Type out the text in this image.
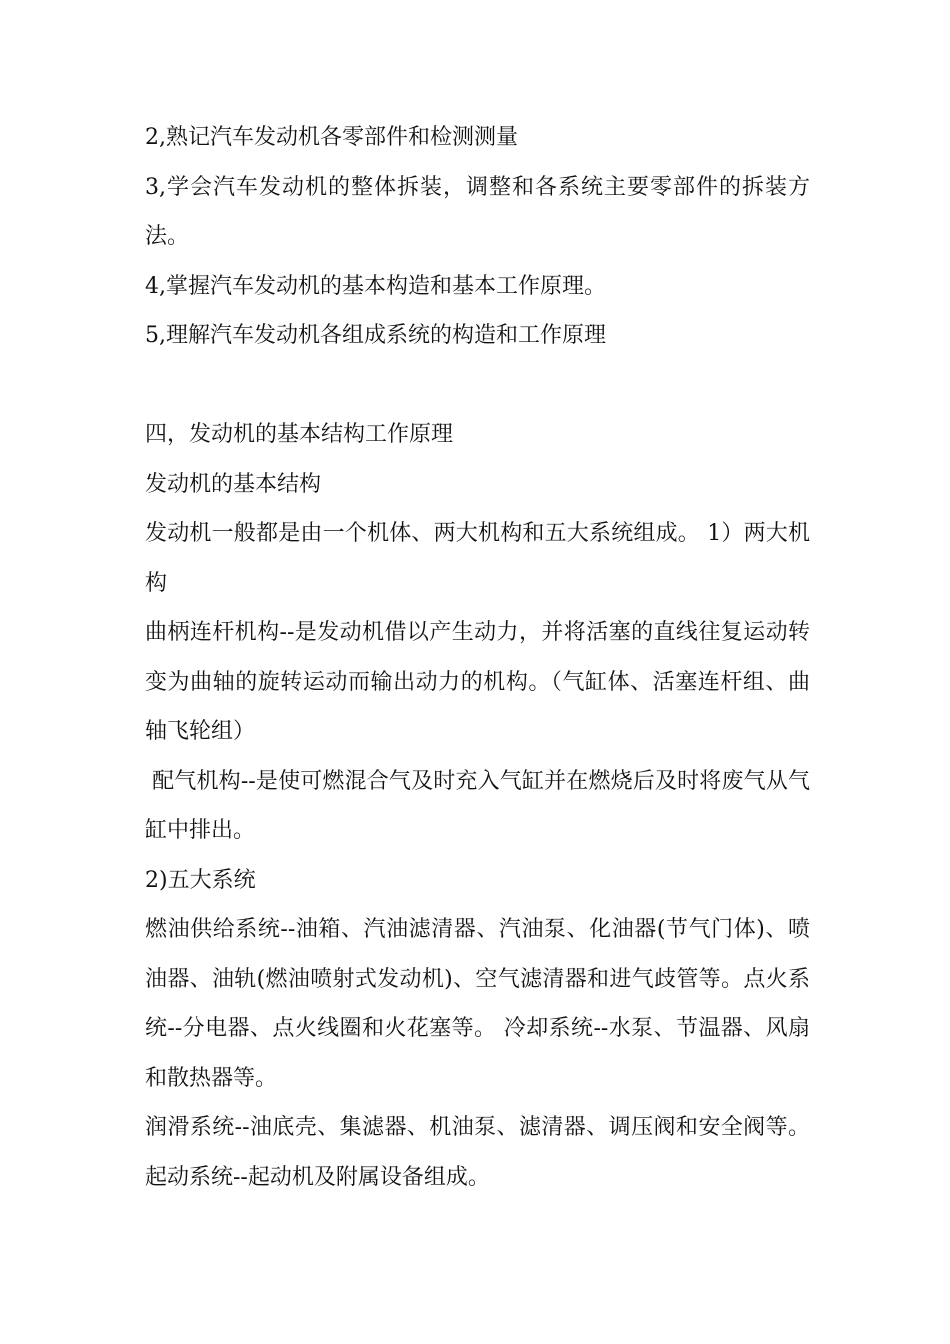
2,熟记汽车发动机各零部件和检测测量

3,学会汽车发动机的整体拆装，调整和各系统主要零部件的拆装方法。

4,掌握汽车发动机的基本构造和基本工作原理。

5,理解汽车发动机各组成系统的构造和工作原理

四，发动机的基本结构工作原理

发动机的基本结构

发动机一般都是由一个机体、两大机构和五大系统组成。 1）两大机构

曲柄连杆机构--是发动机借以产生动力，并将活塞的直线往复运动转变为曲轴的旋转运动而输出动力的机构。（气缸体、活塞连杆组、曲轴飞轮组）

配气机构--是使可燃混合气及时充入气缸并在燃烧后及时将废气从气缸中排出。

2)五大系统

燃油供给系统--油箱、汽油滤清器、汽油泵、化油器(节气门体)、喷油器、油轨(燃油喷射式发动机)、空气滤清器和进气歧管等。点火系统--分电器、点火线圈和火花塞等。 冷却系统--水泵、节温器、风扇和散热器等。

润滑系统--油底壳、集滤器、机油泵、滤清器、调压阀和安全阀等。 起动系统--起动机及附属设备组成。
